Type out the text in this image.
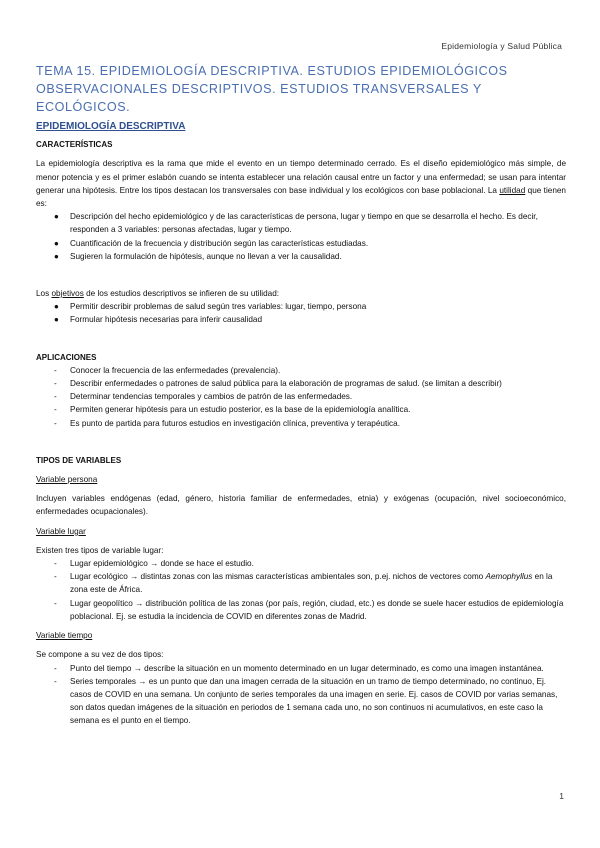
Epidemiología y Salud Pública
TEMA 15. EPIDEMIOLOGÍA DESCRIPTIVA. ESTUDIOS EPIDEMIOLÓGICOS OBSERVACIONALES DESCRIPTIVOS. ESTUDIOS TRANSVERSALES Y ECOLÓGICOS.
EPIDEMIOLOGÍA DESCRIPTIVA
CARACTERÍSTICAS

La epidemiología descriptiva es la rama que mide el evento en un tiempo determinado cerrado. Es el diseño epidemiológico más simple, de menor potencia y es el primer eslabón cuando se intenta establecer una relación causal entre un factor y una enfermedad; se usan para intentar generar una hipótesis. Entre los tipos destacan los transversales con base individual y los ecológicos con base poblacional. La utilidad que tienen es:

● Descripción del hecho epidemiológico y de las características de persona, lugar y tiempo en que se desarrolla el hecho. Es decir, responden a 3 variables: personas afectadas, lugar y tiempo.
● Cuantificación de la frecuencia y distribución según las características estudiadas.
● Sugieren la formulación de hipótesis, aunque no llevan a ver la causalidad.

Los objetivos de los estudios descriptivos se infieren de su utilidad:

● Permitir describir problemas de salud según tres variables: lugar, tiempo, persona
● Formular hipótesis necesarias para inferir causalidad
APLICACIONES
- Conocer la frecuencia de las enfermedades (prevalencia).
- Describir enfermedades o patrones de salud pública para la elaboración de programas de salud. (se limitan a describir)
- Determinar tendencias temporales y cambios de patrón de las enfermedades.
- Permiten generar hipótesis para un estudio posterior, es la base de la epidemiología analítica.
- Es punto de partida para futuros estudios en investigación clínica, preventiva y terapéutica.
TIPOS DE VARIABLES
Variable persona

Incluyen variables endógenas (edad, género, historia familiar de enfermedades, etnia) y exógenas (ocupación, nivel socioeconómico, enfermedades ocupacionales).

Variable lugar

Existen tres tipos de variable lugar:

- Lugar epidemiológico → donde se hace el estudio.
- Lugar ecológico → distintas zonas con las mismas características ambientales son, p.ej. nichos de vectores como Aemophyllus en la zona este de África.
- Lugar geopolítico → distribución política de las zonas (por país, región, ciudad, etc.) es donde se suele hacer estudios de epidemiología poblacional. Ej. se estudia la incidencia de COVID en diferentes zonas de Madrid.
Variable tiempo

Se compone a su vez de dos tipos:

- Punto del tiempo → describe la situación en un momento determinado en un lugar determinado, es como una imagen instantánea.
- Series temporales → es un punto que dan una imagen cerrada de la situación en un tramo de tiempo determinado, no continuo, Ej. casos de COVID en una semana. Un conjunto de series temporales da una imagen en serie. Ej. casos de COVID por varias semanas, son datos quedan imágenes de la situación en periodos de 1 semana cada uno, no son continuos ni acumulativos, en este caso la semana es el punto en el tiempo.
1
